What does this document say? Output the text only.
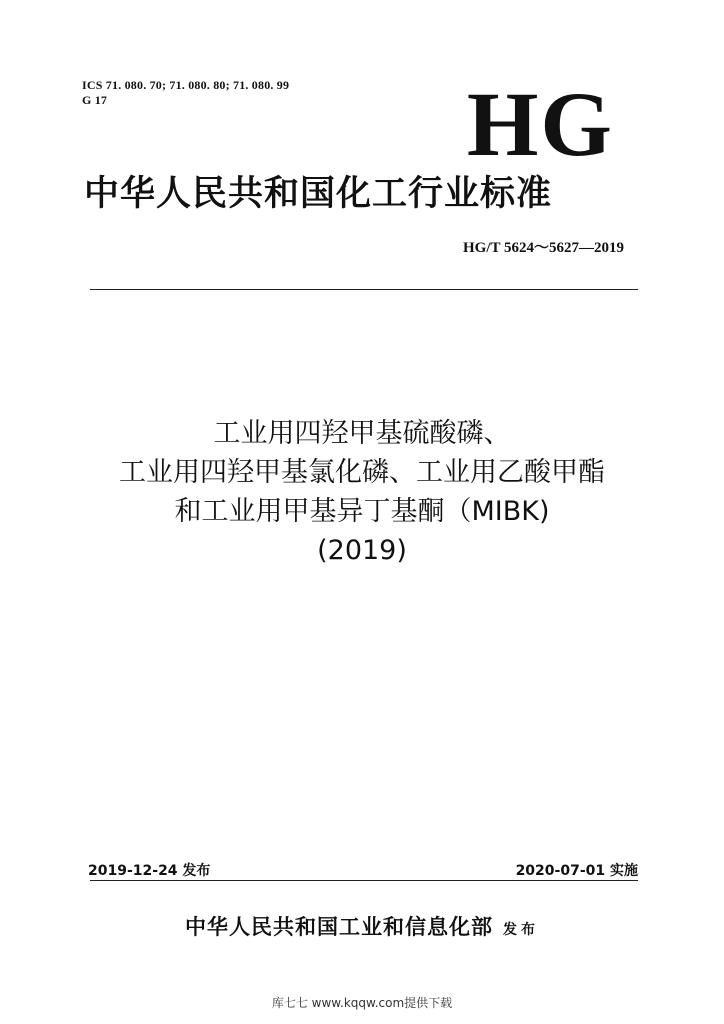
ICS 71. 080. 70; 71. 080. 80; 71. 080. 99
G 17	HG
中华人民共和国化工行业标准
HG/T 5624～5627—2019
工业用四羟甲基硫酸磷、
工业用四羟甲基氯化磷、工业用乙酸甲酯
和工业用甲基异丁基酮（MIBK)
(2019)
2019-12-24 发布	2020-07-01 实施
中华人民共和国工业和信息化部 发布
库七七 www.kqqw.com提供下载
